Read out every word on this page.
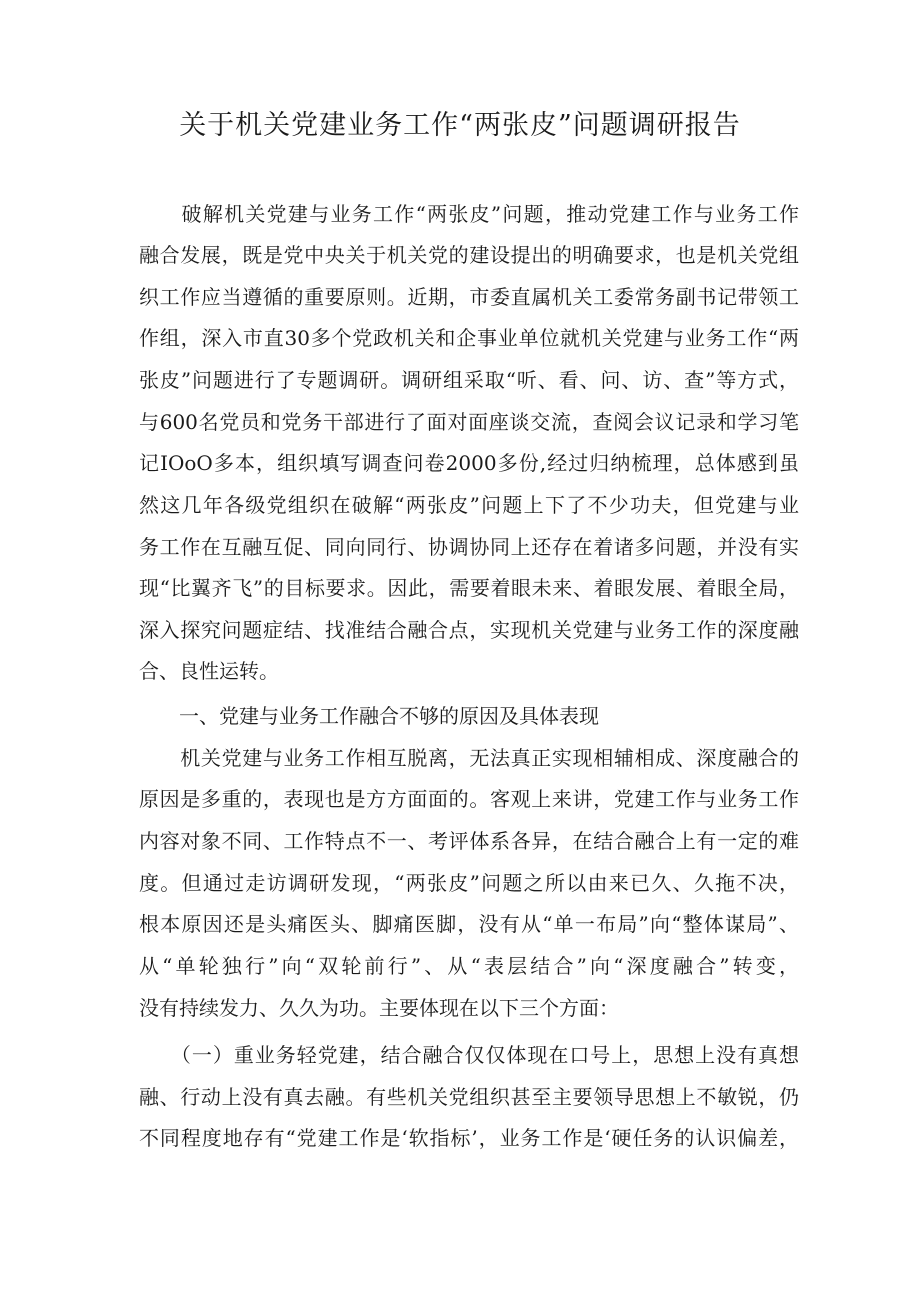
关于机关党建业务工作“两张皮”问题调研报告
　　破解机关党建与业务工作“两张皮”问题，推动党建工作与业务工作
融合发展，既是党中央关于机关党的建设提出的明确要求，也是机关党组
织工作应当遵循的重要原则。近期，市委直属机关工委常务副书记带领工
作组，深入市直30多个党政机关和企事业单位就机关党建与业务工作“两
张皮”问题进行了专题调研。调研组采取“听、看、问、访、查”等方式，
与600名党员和党务干部进行了面对面座谈交流，查阅会议记录和学习笔
记IOoO多本，组织填写调查问卷2000多份,经过归纳梳理，总体感到虽
然这几年各级党组织在破解“两张皮”问题上下了不少功夫，但党建与业
务工作在互融互促、同向同行、协调协同上还存在着诸多问题，并没有实
现“比翼齐飞”的目标要求。因此，需要着眼未来、着眼发展、着眼全局，
深入探究问题症结、找准结合融合点，实现机关党建与业务工作的深度融
合、良性运转。
　　一、党建与业务工作融合不够的原因及具体表现
　　机关党建与业务工作相互脱离，无法真正实现相辅相成、深度融合的
原因是多重的，表现也是方方面面的。客观上来讲，党建工作与业务工作
内容对象不同、工作特点不一、考评体系各异，在结合融合上有一定的难
度。但通过走访调研发现，“两张皮”问题之所以由来已久、久拖不决，
根本原因还是头痛医头、脚痛医脚，没有从“单一布局”向“整体谋局”、
从“单轮独行”向“双轮前行”、从“表层结合”向“深度融合”转变，
没有持续发力、久久为功。主要体现在以下三个方面：
　　（一）重业务轻党建，结合融合仅仅体现在口号上，思想上没有真想
融、行动上没有真去融。有些机关党组织甚至主要领导思想上不敏锐，仍
不同程度地存有“党建工作是‘软指标’，业务工作是‘硬任务的认识偏差，
